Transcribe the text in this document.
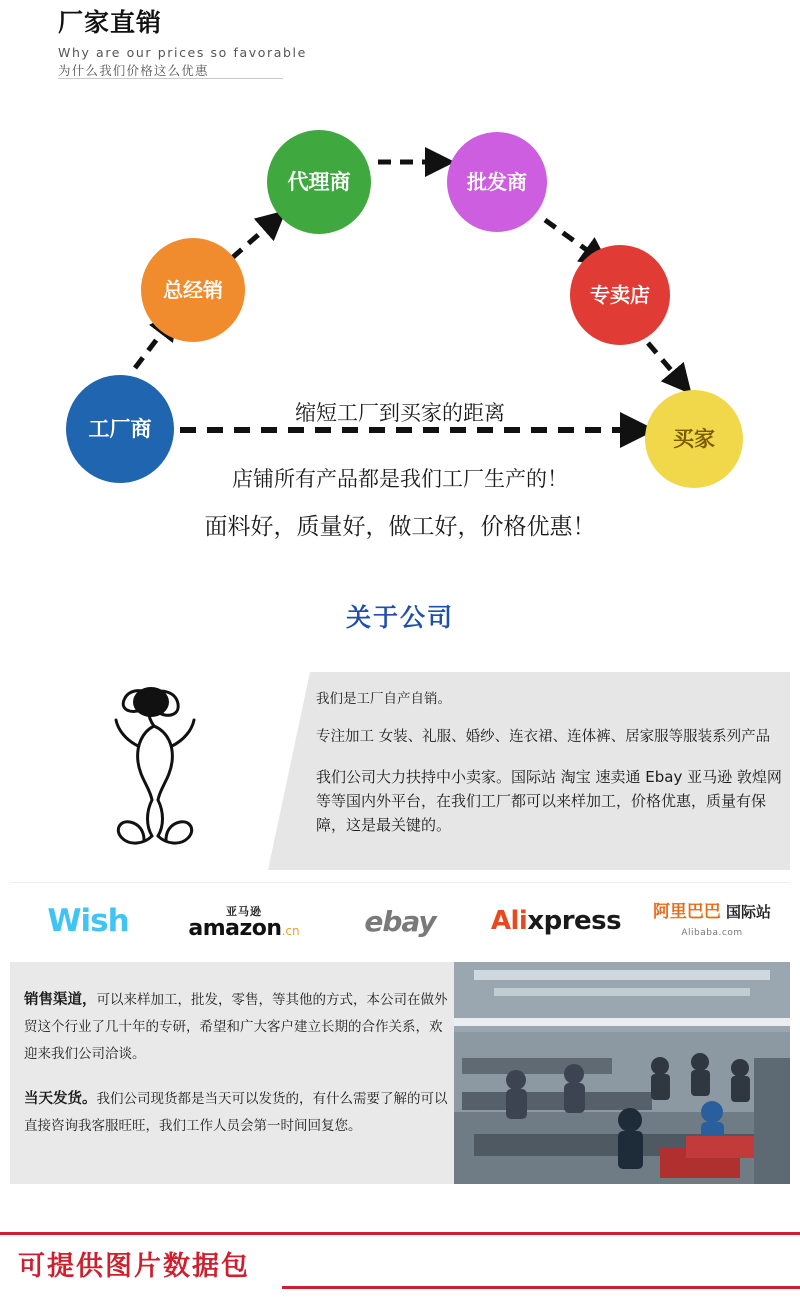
厂家直销
Why are our prices so favorable
为什么我们价格这么优惠
工厂商
总经销
代理商	批发商
专卖店
买家
缩短工厂到买家的距离
店铺所有产品都是我们工厂生产的！
面料好，质量好，做工好，价格优惠！
关于公司

我们是工厂自产自销。

专注加工 女装、礼服、婚纱、连衣裙、连体裤、居家服等服装系列产品

我们公司大力扶持中小卖家。国际站 淘宝 速卖通 Ebay 亚马逊 敦煌网 等等国内外平台，在我们工厂都可以来样加工，价格优惠，质量有保障，这是最关键的。

Wish	亚马逊
amazon.cn ebay Alixpress 阿里巴巴 国际站
Alibaba.com

销售渠道，可以来样加工，批发，零售，等其他的方式，本公司在做外贸这个行业了几十年的专研，希望和广大客户建立长期的合作关系，欢迎来我们公司洽谈。

当天发货。我们公司现货都是当天可以发货的，有什么需要了解的可以直接咨询我客服旺旺，我们工作人员会第一时间回复您。

可提供图片数据包
